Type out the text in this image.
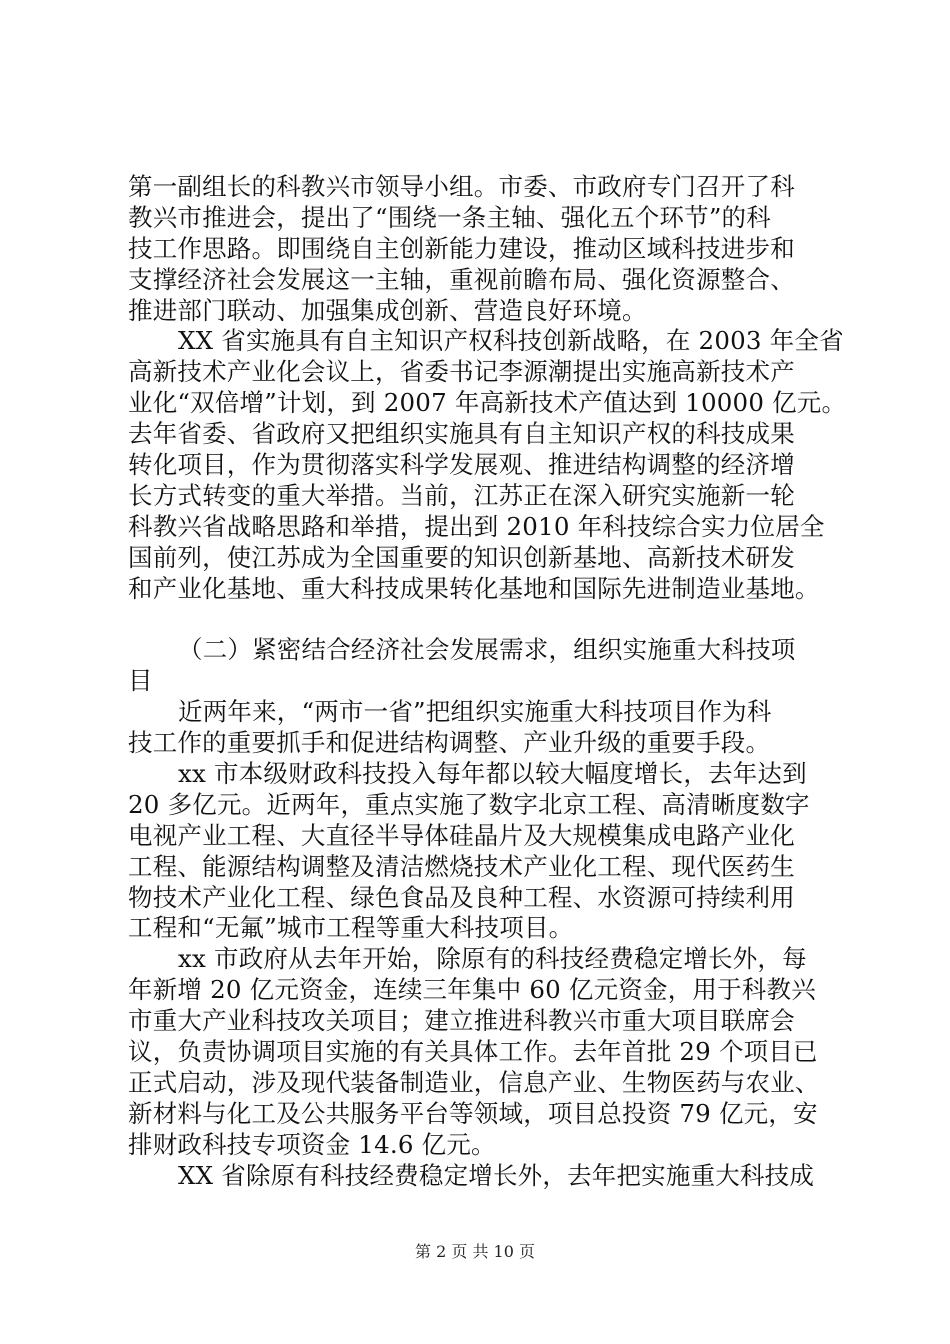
第一副组长的科教兴市领导小组。市委、市政府专门召开了科
教兴市推进会，提出了“围绕一条主轴、强化五个环节”的科
技工作思路。即围绕自主创新能力建设，推动区域科技进步和
支撑经济社会发展这一主轴，重视前瞻布局、强化资源整合、
推进部门联动、加强集成创新、营造良好环境。
XX 省实施具有自主知识产权科技创新战略，在 2003 年全省
高新技术产业化会议上，省委书记李源潮提出实施高新技术产
业化“双倍增”计划，到 2007 年高新技术产值达到 10000 亿元。
去年省委、省政府又把组织实施具有自主知识产权的科技成果
转化项目，作为贯彻落实科学发展观、推进结构调整的经济增
长方式转变的重大举措。当前，江苏正在深入研究实施新一轮
科教兴省战略思路和举措，提出到 2010 年科技综合实力位居全
国前列，使江苏成为全国重要的知识创新基地、高新技术研发
和产业化基地、重大科技成果转化基地和国际先进制造业基地。
（二）紧密结合经济社会发展需求，组织实施重大科技项
目
近两年来，“两市一省”把组织实施重大科技项目作为科
技工作的重要抓手和促进结构调整、产业升级的重要手段。
xx 市本级财政科技投入每年都以较大幅度增长，去年达到
20 多亿元。近两年，重点实施了数字北京工程、高清晰度数字
电视产业工程、大直径半导体硅晶片及大规模集成电路产业化
工程、能源结构调整及清洁燃烧技术产业化工程、现代医药生
物技术产业化工程、绿色食品及良种工程、水资源可持续利用
工程和“无氟”城市工程等重大科技项目。
xx 市政府从去年开始，除原有的科技经费稳定增长外，每
年新增 20 亿元资金，连续三年集中 60 亿元资金，用于科教兴
市重大产业科技攻关项目；建立推进科教兴市重大项目联席会
议，负责协调项目实施的有关具体工作。去年首批 29 个项目已
正式启动，涉及现代装备制造业，信息产业、生物医药与农业、
新材料与化工及公共服务平台等领域，项目总投资 79 亿元，安
排财政科技专项资金 14.6 亿元。
XX 省除原有科技经费稳定增长外，去年把实施重大科技成
第 2 页 共 10 页
